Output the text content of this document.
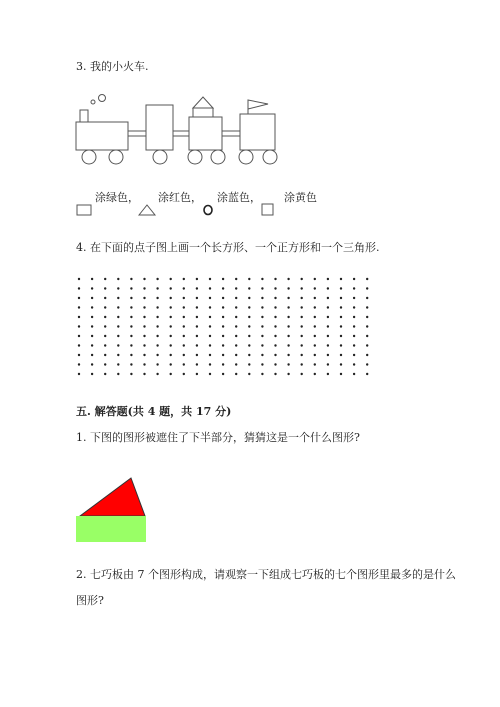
3. 我的小火车.
涂绿色， 涂红色， 涂蓝色， 涂黄色
4. 在下面的点子图上画一个长方形、一个正方形和一个三角形.
五. 解答题(共 4 题，共 17 分)
1. 下图的图形被遮住了下半部分，猜猜这是一个什么图形?
2. 七巧板由 7 个图形构成，请观察一下组成七巧板的七个图形里最多的是什么
图形?
